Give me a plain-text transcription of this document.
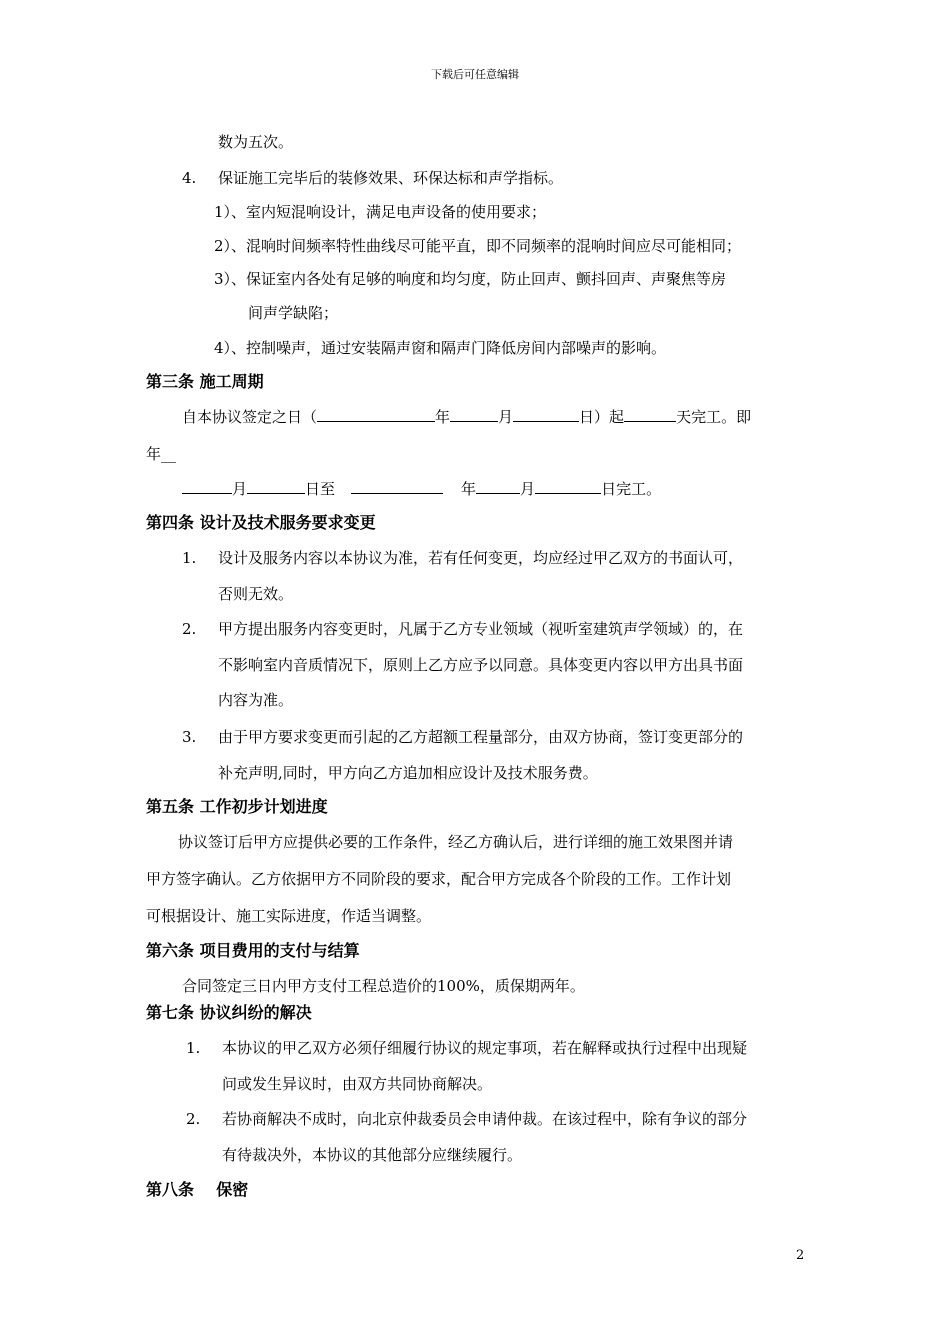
下载后可任意编辑
数为五次。
4. 保证施工完毕后的装修效果、环保达标和声学指标。
1）、室内短混响设计，满足电声设备的使用要求；
2）、混响时间频率特性曲线尽可能平直，即不同频率的混响时间应尽可能相同；
3）、保证室内各处有足够的响度和均匀度，防止回声、颤抖回声、声聚焦等房
间声学缺陷；
4）、控制噪声，通过安装隔声窗和隔声门降低房间内部噪声的影响。
第三条 施工周期
自本协议签定之日（	年	月	日）起	天完工。即
年__
月	日至	年	月	日完工。
第四条 设计及技术服务要求变更
1. 设计及服务内容以本协议为准，若有任何变更，均应经过甲乙双方的书面认可，
否则无效。
2. 甲方提出服务内容变更时，凡属于乙方专业领域（视听室建筑声学领域）的，在
不影响室内音质情况下，原则上乙方应予以同意。具体变更内容以甲方出具书面
内容为准。
3. 由于甲方要求变更而引起的乙方超额工程量部分，由双方协商，签订变更部分的
补充声明,同时，甲方向乙方追加相应设计及技术服务费。
第五条 工作初步计划进度
协议签订后甲方应提供必要的工作条件，经乙方确认后，进行详细的施工效果图并请
甲方签字确认。乙方依据甲方不同阶段的要求，配合甲方完成各个阶段的工作。工作计划
可根据设计、施工实际进度，作适当调整。
第六条 项目费用的支付与结算
合同签定三日内甲方支付工程总造价的100%，质保期两年。
第七条 协议纠纷的解决
1. 本协议的甲乙双方必须仔细履行协议的规定事项，若在解释或执行过程中出现疑
问或发生异议时，由双方共同协商解决。
2. 若协商解决不成时，向北京仲裁委员会申请仲裁。在该过程中，除有争议的部分
有待裁决外，本协议的其他部分应继续履行。
第八条    保密
2
